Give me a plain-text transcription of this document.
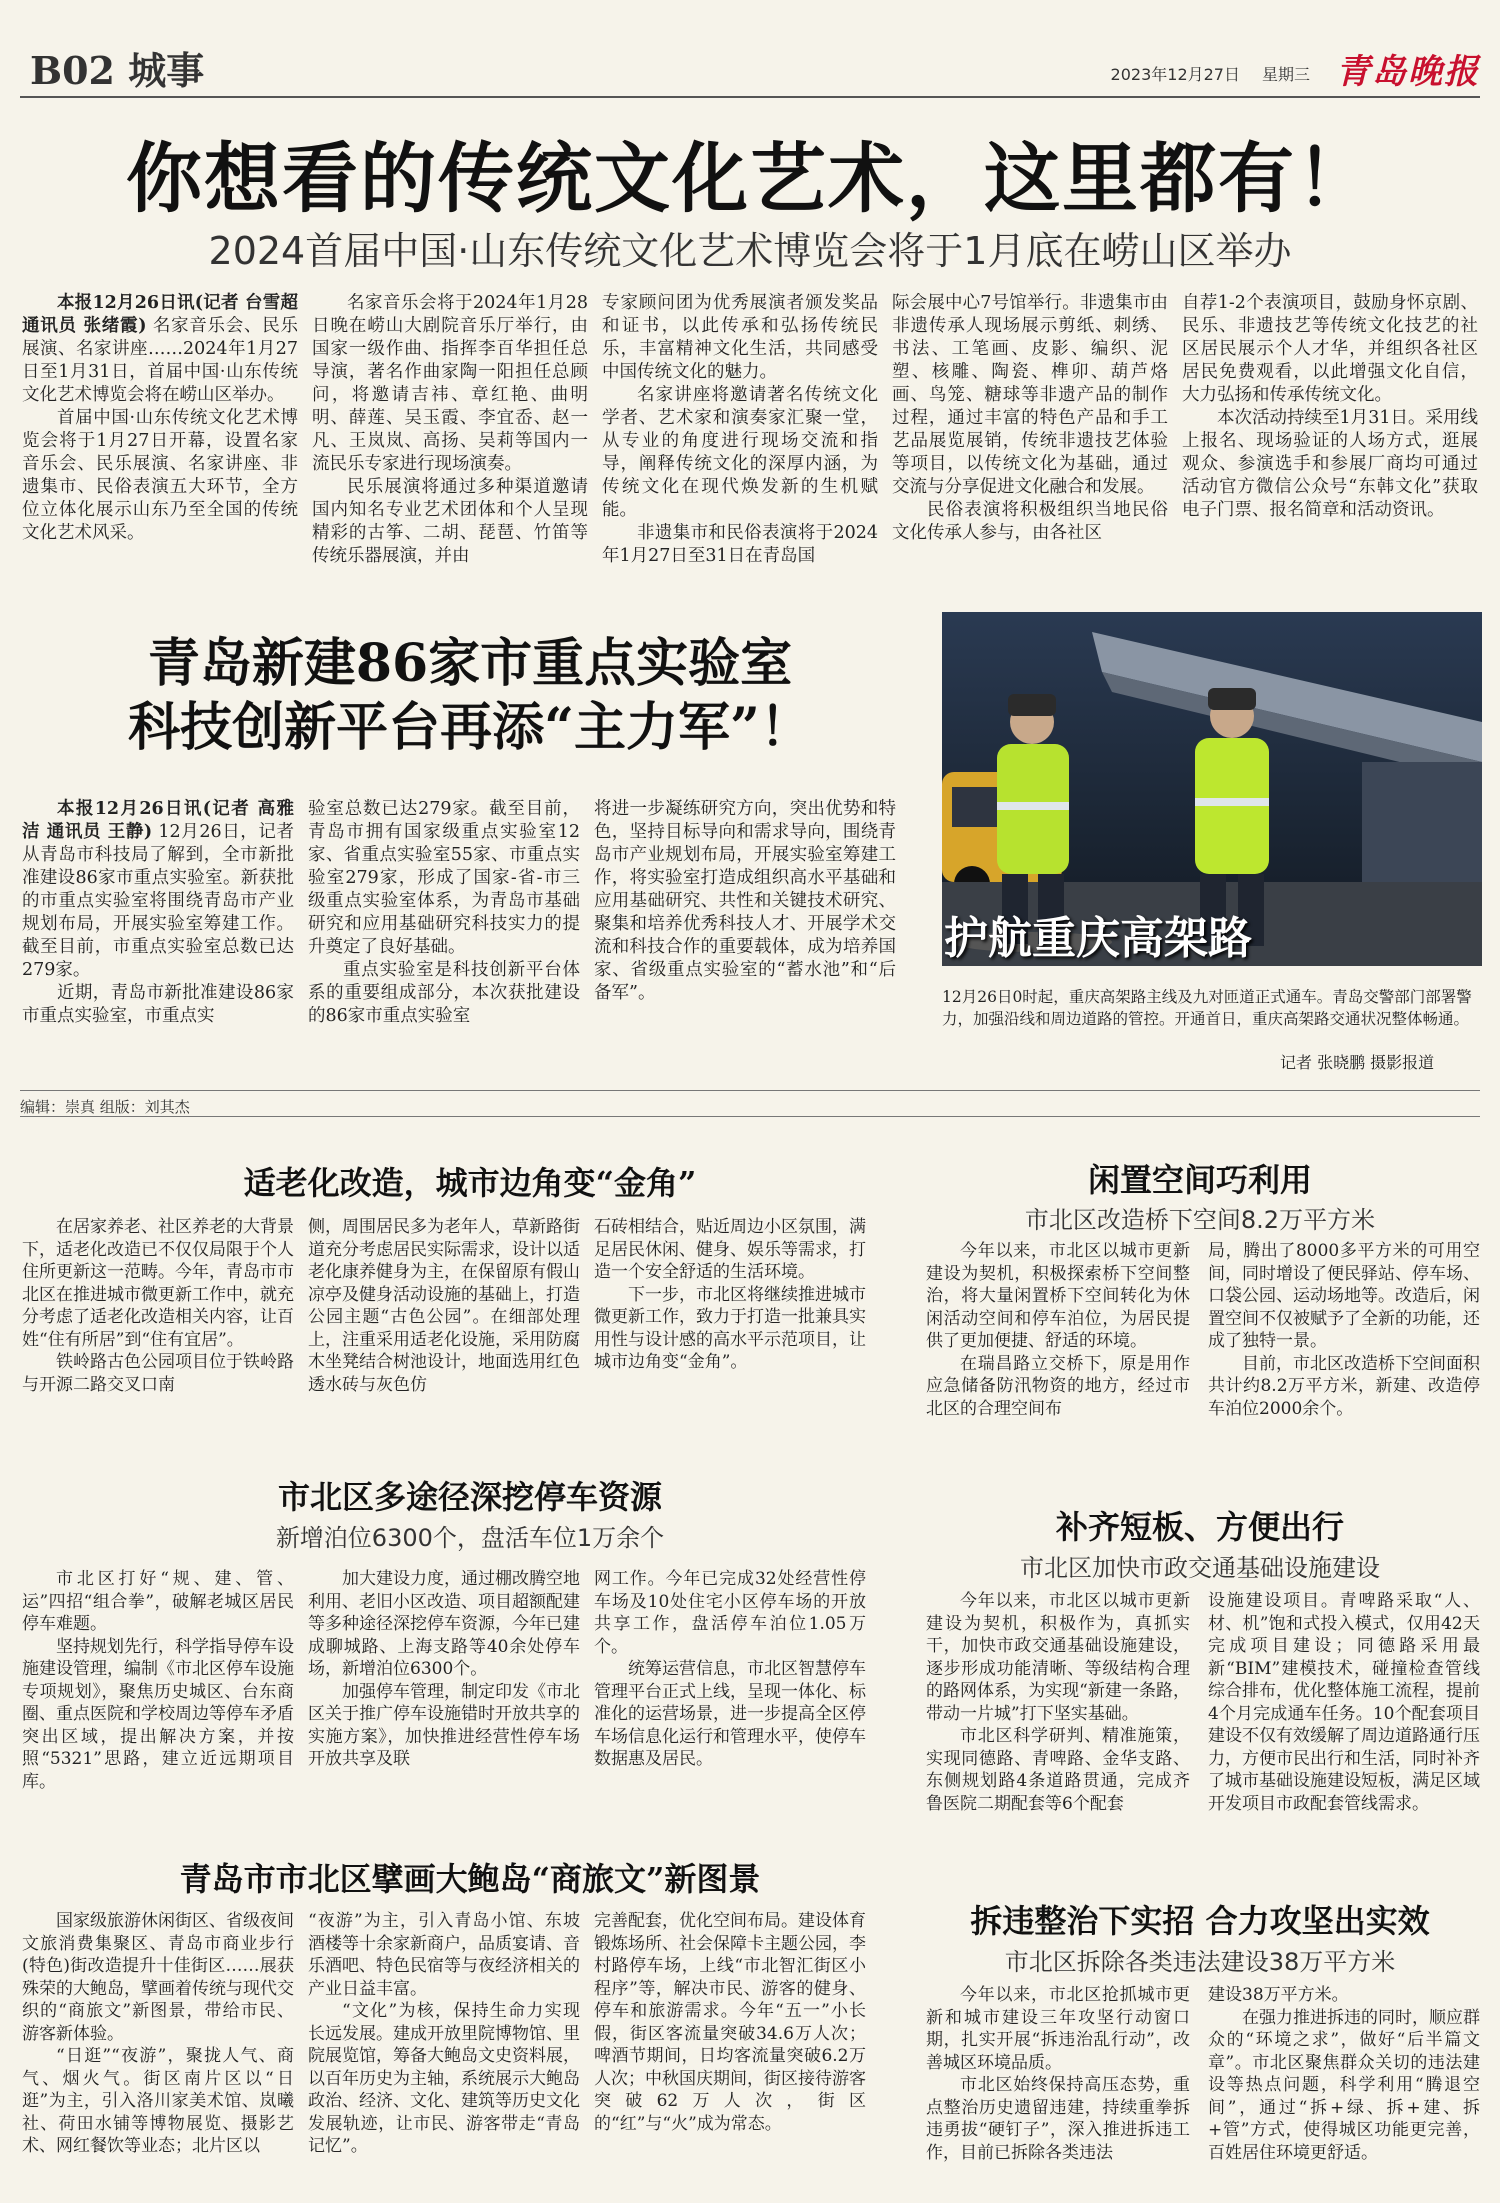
B02 城事	2023年12月27日 星期三 青岛晚报
你想看的传统文化艺术，这里都有！
2024首届中国·山东传统文化艺术博览会将于1月底在崂山区举办

本报12月26日讯(记者 台雪超 通讯员 张绪霞) 名家音乐会、民乐展演、名家讲座……2024年1月27日至1月31日，首届中国·山东传统文化艺术博览会将在崂山区举办。

首届中国·山东传统文化艺术博览会将于1月27日开幕，设置名家音乐会、民乐展演、名家讲座、非遗集市、民俗表演五大环节，全方位立体化展示山东乃至全国的传统文化艺术风采。

名家音乐会将于2024年1月28日晚在崂山大剧院音乐厅举行，由国家一级作曲、指挥李百华担任总导演，著名作曲家陶一阳担任总顾问，将邀请吉祎、章红艳、曲明明、薛莲、吴玉霞、李宜岙、赵一凡、王岚岚、高扬、吴莉等国内一流民乐专家进行现场演奏。

民乐展演将通过多种渠道邀请国内知名专业艺术团体和个人呈现精彩的古筝、二胡、琵琶、竹笛等传统乐器展演，并由

专家顾问团为优秀展演者颁发奖品和证书，以此传承和弘扬传统民乐，丰富精神文化生活，共同感受中国传统文化的魅力。

名家讲座将邀请著名传统文化学者、艺术家和演奏家汇聚一堂，从专业的角度进行现场交流和指导，阐释传统文化的深厚内涵，为传统文化在现代焕发新的生机赋能。

非遗集市和民俗表演将于2024年1月27日至31日在青岛国

际会展中心7号馆举行。非遗集市由非遗传承人现场展示剪纸、刺绣、书法、工笔画、皮影、编织、泥塑、核雕、陶瓷、榫卯、葫芦烙画、鸟笼、糖球等非遗产品的制作过程，通过丰富的特色产品和手工艺品展览展销，传统非遗技艺体验等项目，以传统文化为基础，通过交流与分享促进文化融合和发展。

民俗表演将积极组织当地民俗文化传承人参与，由各社区

自荐1-2个表演项目，鼓励身怀京剧、民乐、非遗技艺等传统文化技艺的社区居民展示个人才华，并组织各社区居民免费观看，以此增强文化自信，大力弘扬和传承传统文化。

本次活动持续至1月31日。采用线上报名、现场验证的人场方式，逛展观众、参演选手和参展厂商均可通过活动官方微信公众号“东韩文化”获取电子门票、报名简章和活动资讯。

青岛新建86家市重点实验室
科技创新平台再添“主力军”！

本报12月26日讯(记者 高雅洁 通讯员 王静) 12月26日，记者从青岛市科技局了解到，全市新批准建设86家市重点实验室。新获批的市重点实验室将围绕青岛市产业规划布局，开展实验室筹建工作。截至目前，市重点实验室总数已达279家。

近期，青岛市新批准建设86家市重点实验室，市重点实

验室总数已达279家。截至目前，青岛市拥有国家级重点实验室12家、省重点实验室55家、市重点实验室279家，形成了国家-省-市三级重点实验室体系，为青岛市基础研究和应用基础研究科技实力的提升奠定了良好基础。

重点实验室是科技创新平台体系的重要组成部分，本次获批建设的86家市重点实验室

将进一步凝练研究方向，突出优势和特色，坚持目标导向和需求导向，围绕青岛市产业规划布局，开展实验室筹建工作，将实验室打造成组织高水平基础和应用基础研究、共性和关键技术研究、聚集和培养优秀科技人才、开展学术交流和科技合作的重要载体，成为培养国家、省级重点实验室的“蓄水池”和“后备军”。

护航重庆高架路
12月26日0时起，重庆高架路主线及九对匝道正式通车。青岛交警部门部署警力，加强沿线和周边道路的管控。开通首日，重庆高架路交通状况整体畅通。
记者 张晓鹏 摄影报道
编辑：崇真 组版：刘其杰
适老化改造，城市边角变“金角”

在居家养老、社区养老的大背景下，适老化改造已不仅仅局限于个人住所更新这一范畴。今年，青岛市市北区在推进城市微更新工作中，就充分考虑了适老化改造相关内容，让百姓“住有所居”到“住有宜居”。

铁岭路古色公园项目位于铁岭路与开源二路交叉口南

侧，周围居民多为老年人，草新路街道充分考虑居民实际需求，设计以适老化康养健身为主，在保留原有假山凉亭及健身活动设施的基础上，打造公园主题“古色公园”。在细部处理上，注重采用适老化设施，采用防腐木坐凳结合树池设计，地面选用红色透水砖与灰色仿

石砖相结合，贴近周边小区氛围，满足居民休闲、健身、娱乐等需求，打造一个安全舒适的生活环境。

下一步，市北区将继续推进城市微更新工作，致力于打造一批兼具实用性与设计感的高水平示范项目，让城市边角变“金角”。

闲置空间巧利用
市北区改造桥下空间8.2万平方米

今年以来，市北区以城市更新建设为契机，积极探索桥下空间整治，将大量闲置桥下空间转化为休闲活动空间和停车泊位，为居民提供了更加便捷、舒适的环境。

在瑞昌路立交桥下，原是用作应急储备防汛物资的地方，经过市北区的合理空间布

局，腾出了8000多平方米的可用空间，同时增设了便民驿站、停车场、口袋公园、运动场地等。改造后，闲置空间不仅被赋予了全新的功能，还成了独特一景。

目前，市北区改造桥下空间面积共计约8.2万平方米，新建、改造停车泊位2000余个。

市北区多途径深挖停车资源
新增泊位6300个，盘活车位1万余个

市北区打好“规、建、管、运”四招“组合拳”，破解老城区居民停车难题。

坚持规划先行，科学指导停车设施建设管理，编制《市北区停车设施专项规划》，聚焦历史城区、台东商圈、重点医院和学校周边等停车矛盾突出区域，提出解决方案，并按照“5321”思路，建立近远期项目库。

加大建设力度，通过棚改腾空地利用、老旧小区改造、项目超额配建等多种途径深挖停车资源，今年已建成聊城路、上海支路等40余处停车场，新增泊位6300个。

加强停车管理，制定印发《市北区关于推广停车设施错时开放共享的实施方案》，加快推进经营性停车场开放共享及联

网工作。今年已完成32处经营性停车场及10处住宅小区停车场的开放共享工作，盘活停车泊位1.05万个。

统筹运营信息，市北区智慧停车管理平台正式上线，呈现一体化、标准化的运营场景，进一步提高全区停车场信息化运行和管理水平，使停车数据惠及居民。

补齐短板、方便出行
市北区加快市政交通基础设施建设

今年以来，市北区以城市更新建设为契机，积极作为，真抓实干，加快市政交通基础设施建设，逐步形成功能清晰、等级结构合理的路网体系，为实现“新建一条路，带动一片城”打下坚实基础。

市北区科学研判、精准施策，实现同德路、青啤路、金华支路、东侧规划路4条道路贯通，完成齐鲁医院二期配套等6个配套

设施建设项目。青啤路采取“人、材、机”饱和式投入模式，仅用42天完成项目建设；同德路采用最新“BIM”建模技术，碰撞检查管线综合排布，优化整体施工流程，提前4个月完成通车任务。10个配套项目建设不仅有效缓解了周边道路通行压力，方便市民出行和生活，同时补齐了城市基础设施建设短板，满足区域开发项目市政配套管线需求。

青岛市市北区擘画大鲍岛“商旅文”新图景

国家级旅游休闲街区、省级夜间文旅消费集聚区、青岛市商业步行(特色)街改造提升十佳街区……展获殊荣的大鲍岛，擘画着传统与现代交织的“商旅文”新图景，带给市民、游客新体验。

“日逛”“夜游”，聚拢人气、商气、烟火气。街区南片区以“日逛”为主，引入洛川家美术馆、岚曦社、荷田水铺等博物展览、摄影艺术、网红餐饮等业态；北片区以

“夜游”为主，引入青岛小馆、东坡酒楼等十余家新商户，品质宴请、音乐酒吧、特色民宿等与夜经济相关的产业日益丰富。

“文化”为核，保持生命力实现长远发展。建成开放里院博物馆、里院展览馆，筹备大鲍岛文史资料展，以百年历史为主轴，系统展示大鲍岛政治、经济、文化、建筑等历史文化发展轨迹，让市民、游客带走“青岛记忆”。

完善配套，优化空间布局。建设体育锻炼场所、社会保障卡主题公园，李村路停车场，上线“市北智汇街区小程序”等，解决市民、游客的健身、停车和旅游需求。今年“五一”小长假，街区客流量突破34.6万人次；啤酒节期间，日均客流量突破6.2万人次；中秋国庆期间，街区接待游客突破62万人次，街区的“红”与“火”成为常态。

拆违整治下实招 合力攻坚出实效
市北区拆除各类违法建设38万平方米

今年以来，市北区抢抓城市更新和城市建设三年攻坚行动窗口期，扎实开展“拆违治乱行动”，改善城区环境品质。

市北区始终保持高压态势，重点整治历史遗留违建，持续重拳拆违勇拔“硬钉子”，深入推进拆违工作，目前已拆除各类违法

建设38万平方米。

在强力推进拆违的同时，顺应群众的“环境之求”，做好“后半篇文章”。市北区聚焦群众关切的违法建设等热点问题，科学利用“腾退空间”，通过“拆+绿、拆+建、拆+管”方式，使得城区功能更完善，百姓居住环境更舒适。
